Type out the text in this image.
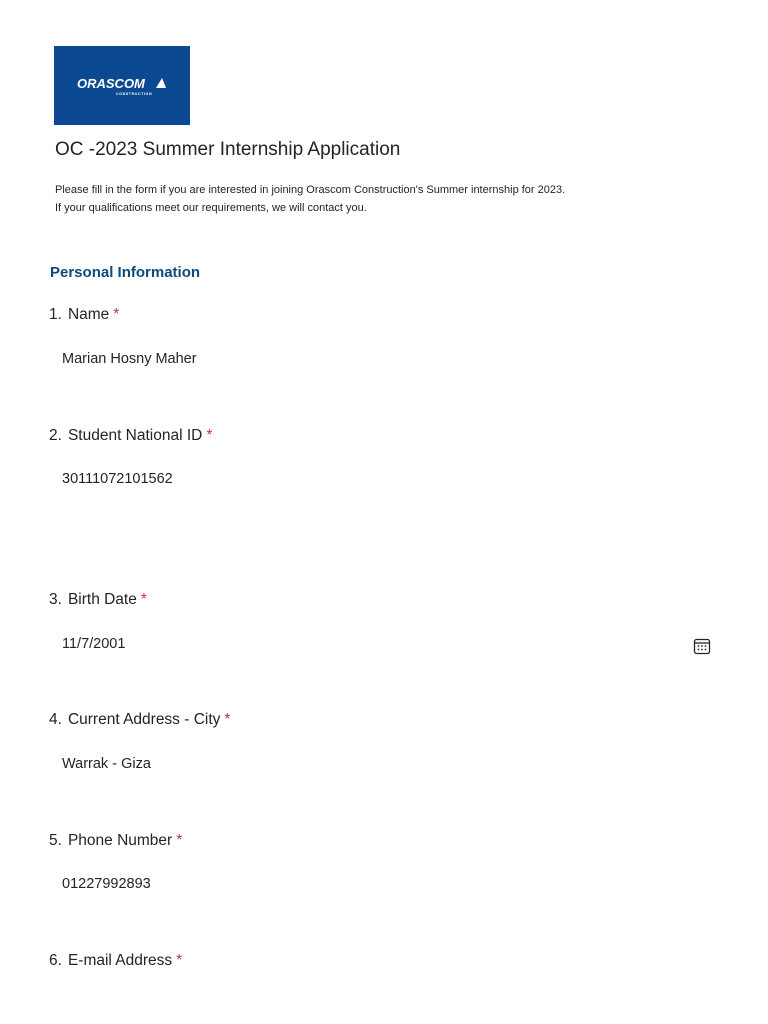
ORASCOM
CONSTRUCTION
OC -2023 Summer Internship Application
Please fill in the form if you are interested in joining Orascom Construction's Summer internship for 2023.
If your qualifications meet our requirements, we will contact you.
Personal Information
1. Name *
Marian Hosny Maher
2. Student National ID *
30111072101562
3. Birth Date *
11/7/2001
4. Current Address - City *
Warrak - Giza
5. Phone Number *
01227992893
6. E-mail Address *
